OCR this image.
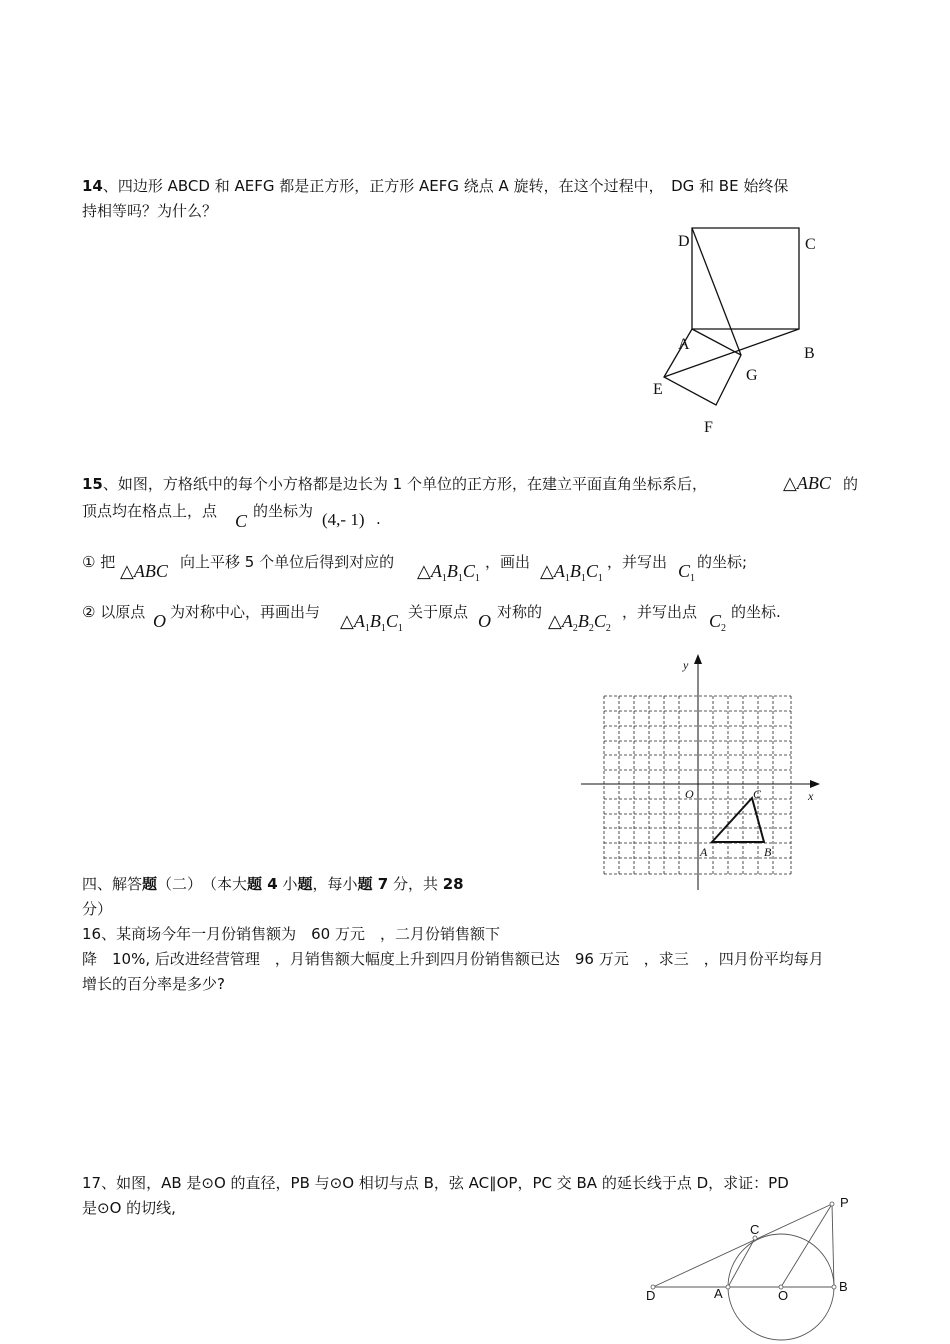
14、四边形 ABCD 和 AEFG 都是正方形，正方形 AEFG 绕点 A 旋转，在这个过程中，　DG 和 BE 始终保
持相等吗？为什么？
D	C
A
B
G
E
F
15、如图，方格纸中的每个小方格都是边长为 1 个单位的正方形，在建立平面直角坐标系后，	△ABC 的
顶点均在格点上，点 C 的坐标为 (4,- 1) .
① 把 △ABC 向上平移 5 个单位后得到对应的 $\triangle A_1B_1C_1$
，画出 $\triangle A_1B_1C_1$
，并写出 $C_1$
的坐标;
② 以原点 O 为对称中心，再画出与 $\triangle A_1B_1C_1$
关于原点 O 对称的 $\triangle A_2B_2C_2$
，并写出点 $C_2$
的坐标.
y
x
O
A	B
C
四、解答题（二）　（本大题 4 小题，每小题 7 分，共 28
分）
16、某商场今年一月份销售额为　60 万元　，二月份销售额下
降　10%, 后改进经营管理　，月销售额大幅度上升到四月份销售额已达　96 万元　，求三　，四月份平均每月
增长的百分率是多少?
17、如图，AB 是⊙O 的直径，PB 与⊙O 相切与点 B，弦 AC∥OP，PC 交 BA 的延长线于点 D，求证：PD
是⊙O 的切线,	P
C
D	A	O
B
